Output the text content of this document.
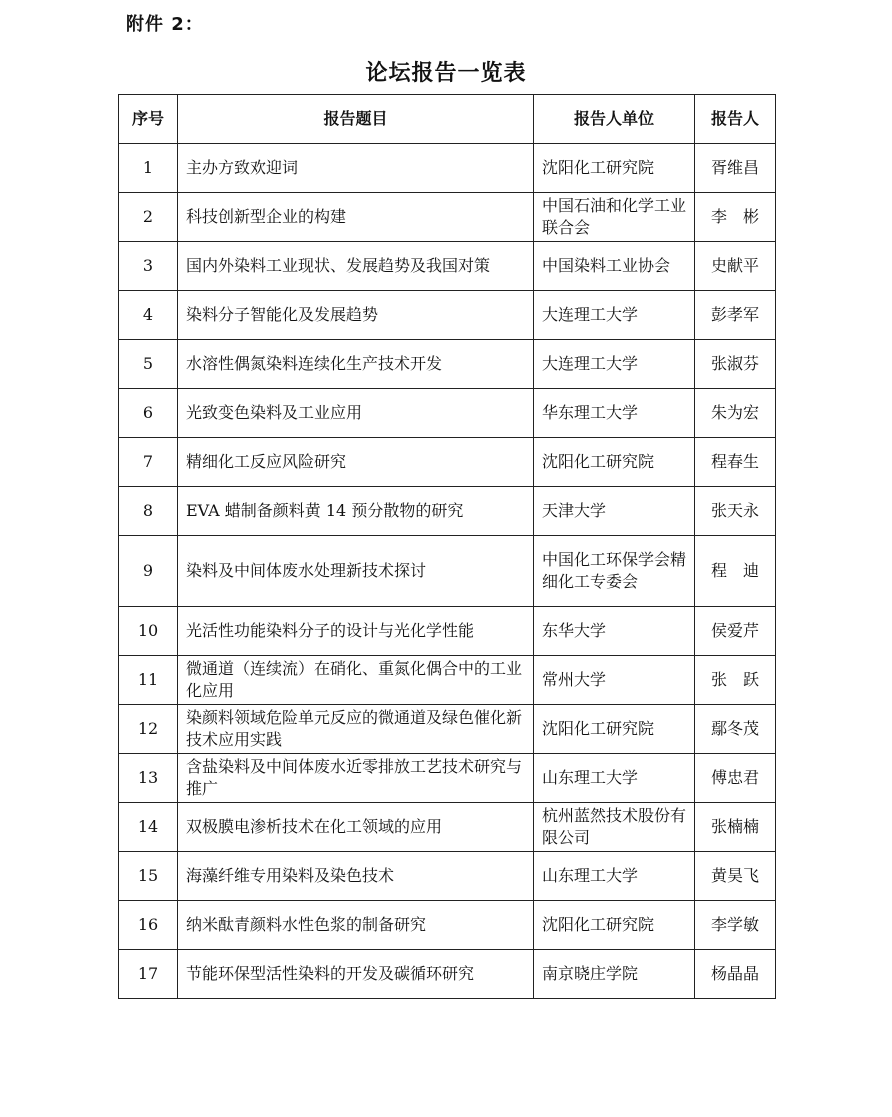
附件 2：
论坛报告一览表
序号	报告题目	报告人单位	报告人
1	主办方致欢迎词	沈阳化工研究院	胥维昌
2	科技创新型企业的构建	中国石油和化学工业联合会	李　彬
3	国内外染料工业现状、发展趋势及我国对策	中国染料工业协会	史献平
4	染料分子智能化及发展趋势	大连理工大学	彭孝军
5	水溶性偶氮染料连续化生产技术开发	大连理工大学	张淑芬
6	光致变色染料及工业应用	华东理工大学	朱为宏
7	精细化工反应风险研究	沈阳化工研究院	程春生
8	EVA 蜡制备颜料黄 14 预分散物的研究	天津大学	张天永
9	染料及中间体废水处理新技术探讨	中国化工环保学会精细化工专委会	程　迪
10	光活性功能染料分子的设计与光化学性能	东华大学	侯爱芹
11	微通道（连续流）在硝化、重氮化偶合中的工业化应用	常州大学	张　跃
12	染颜料领域危险单元反应的微通道及绿色催化新技术应用实践	沈阳化工研究院	鄢冬茂
13	含盐染料及中间体废水近零排放工艺技术研究与推广	山东理工大学	傅忠君
14	双极膜电渗析技术在化工领域的应用	杭州蓝然技术股份有限公司	张楠楠
15	海藻纤维专用染料及染色技术	山东理工大学	黄昊飞
16	纳米酞青颜料水性色浆的制备研究	沈阳化工研究院	李学敏
17	节能环保型活性染料的开发及碳循环研究	南京晓庄学院	杨晶晶
